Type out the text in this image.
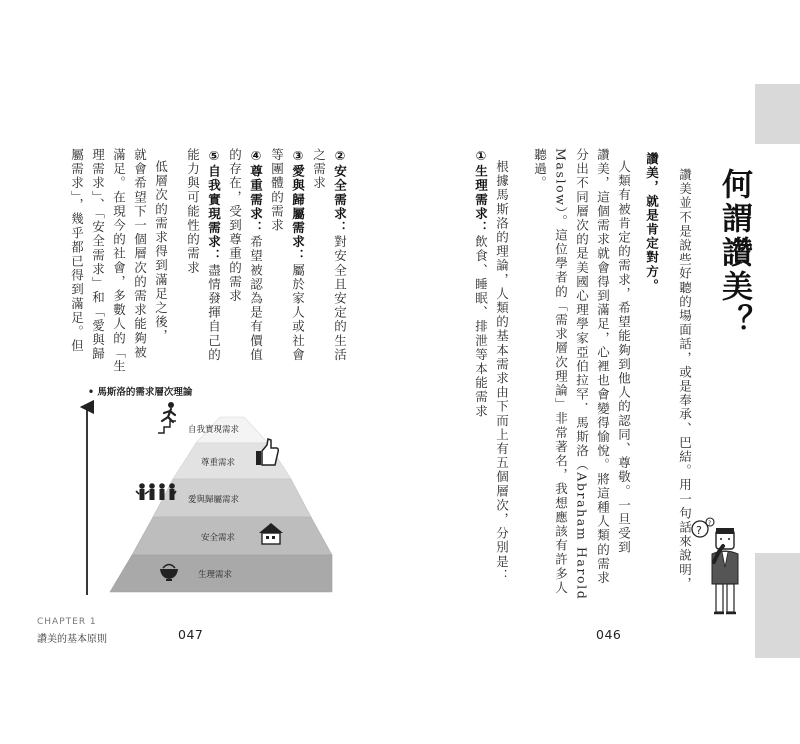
何謂讚美？
讚美並不是說些好聽的場面話，或是奉承、巴結。用一句話來說明，
讚美，就是肯定對方。
人類有被肯定的需求，希望能夠到他人的認同、尊敬。一旦受到
讚美，這個需求就會得到滿足，心裡也會變得愉悅。將這種人類的需求
分出不同層次的是美國心理學家亞伯拉罕．馬斯洛（Abraham Harold
Maslow）。這位學者的「需求層次理論」非常著名，我想應該有許多人
聽過。
根據馬斯洛的理論，人類的基本需求由下而上有五個層次，分別是：
①生理需求：飲食、睡眠、排泄等本能需求
?
?
046
②安全需求：對安全且安定的生活
之需求
③愛與歸屬需求：屬於家人或社會
等團體的需求
④尊重需求：希望被認為是有價值
的存在，受到尊重的需求
⑤自我實現需求：盡情發揮自己的
能力與可能性的需求
低層次的需求得到滿足之後，
就會希望下一個層次的需求能夠被
滿足。在現今的社會，多數人的「生
理需求」、「安全需求」和「愛與歸
屬需求」，幾乎都已得到滿足。但
• 馬斯洛的需求層次理論
自我實現需求
尊重需求
愛與歸屬需求
安全需求
生理需求
CHAPTER 1
讚美的基本原則	047
